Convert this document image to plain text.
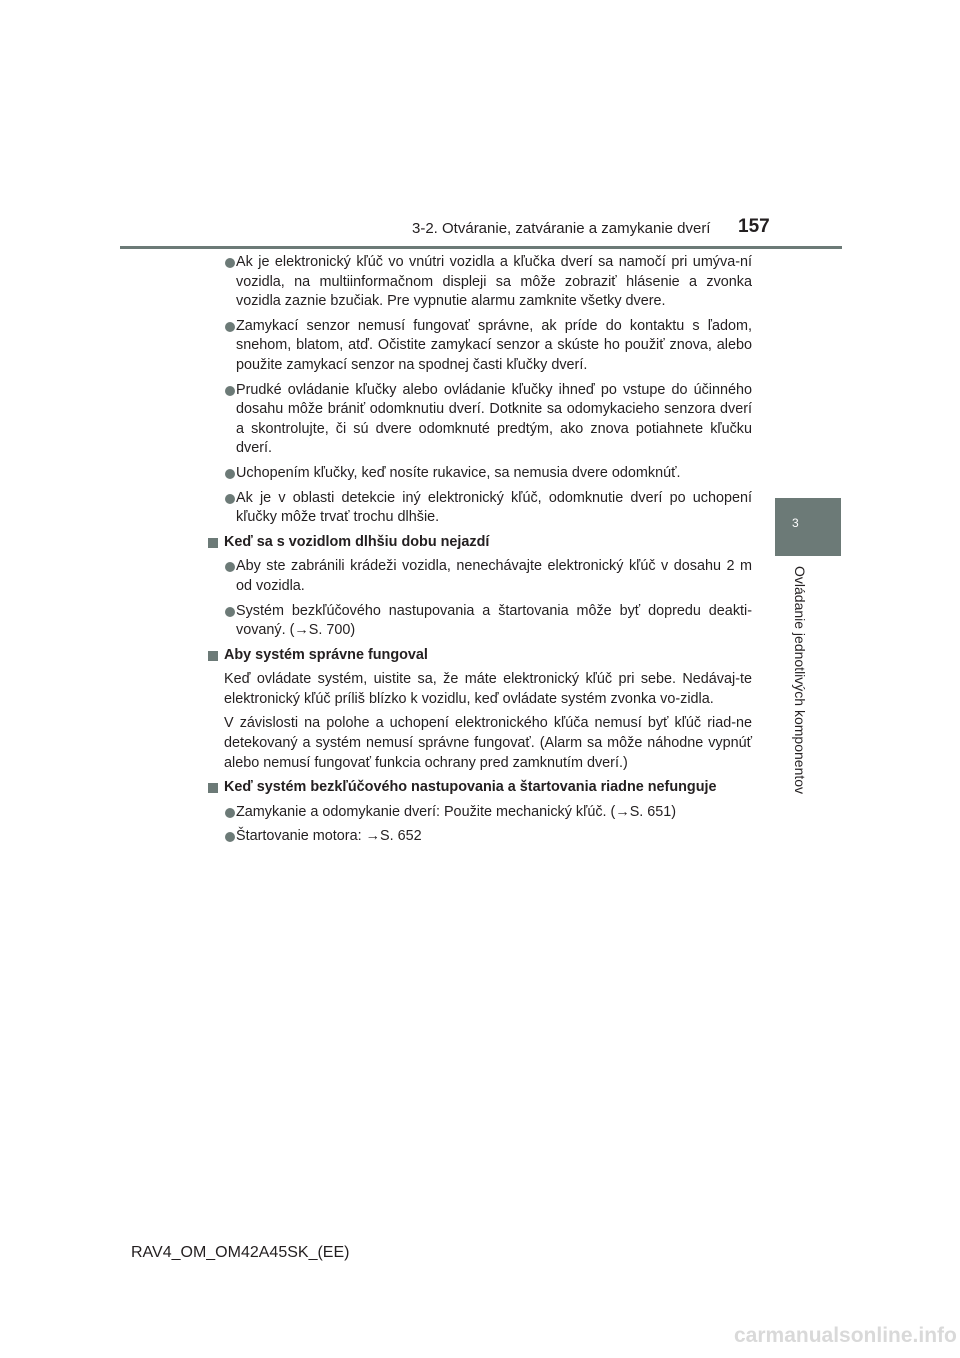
3-2. Otváranie, zatváranie a zamykanie dverí 157
3
Ovládanie jednotlivých komponentov
Ak je elektronický kľúč vo vnútri vozidla a kľučka dverí sa namočí pri umýva-ní vozidla, na multiinformačnom displeji sa môže zobraziť hlásenie a zvonka vozidla zaznie bzučiak. Pre vypnutie alarmu zamknite všetky dvere.
Zamykací senzor nemusí fungovať správne, ak príde do kontaktu s ľadom, snehom, blatom, atď. Očistite zamykací senzor a skúste ho použiť znova, alebo použite zamykací senzor na spodnej časti kľučky dverí.
Prudké ovládanie kľučky alebo ovládanie kľučky ihneď po vstupe do účinného dosahu môže brániť odomknutiu dverí. Dotknite sa odomykacieho senzora dverí a skontrolujte, či sú dvere odomknuté predtým, ako znova potiahnete kľučku dverí.
Uchopením kľučky, keď nosíte rukavice, sa nemusia dvere odomknúť.
Ak je v oblasti detekcie iný elektronický kľúč, odomknutie dverí po uchopení kľučky môže trvať trochu dlhšie.
Keď sa s vozidlom dlhšiu dobu nejazdí
Aby ste zabránili krádeži vozidla, nenechávajte elektronický kľúč v dosahu 2 m od vozidla.
Systém bezkľúčového nastupovania a štartovania môže byť dopredu deakti-vovaný. (→S. 700)
Aby systém správne fungoval
Keď ovládate systém, uistite sa, že máte elektronický kľúč pri sebe. Nedávaj-te elektronický kľúč príliš blízko k vozidlu, keď ovládate systém zvonka vo-zidla.
V závislosti na polohe a uchopení elektronického kľúča nemusí byť kľúč riad-ne detekovaný a systém nemusí správne fungovať. (Alarm sa môže náhodne vypnúť alebo nemusí fungovať funkcia ochrany pred zamknutím dverí.)
Keď systém bezkľúčového nastupovania a štartovania riadne nefunguje
Zamykanie a odomykanie dverí: Použite mechanický kľúč. (→S. 651)
Štartovanie motora: →S. 652
RAV4_OM_OM42A45SK_(EE)
carmanualsonline.info
